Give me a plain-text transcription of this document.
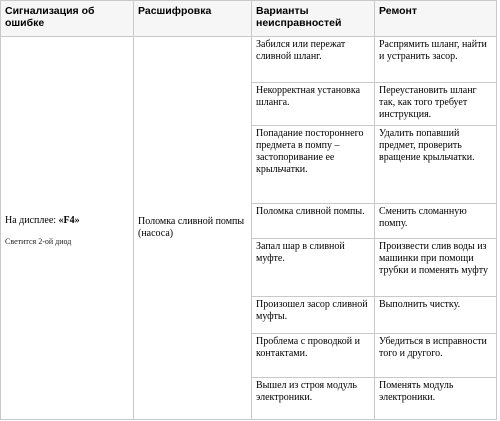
Сигнализация об ошибке	Расшифровка	Варианты неисправностей	Ремонт

На дисплее: «F4»
Светится 2-ой диод	Поломка сливной помпы (насоса)	Забился или пережат сливной шланг.	Распрямить шланг, найти и устранить засор.
		Некорректная установка шланга.	Переустановить шланг так, как того требует инструкция.
		Попадание постороннего предмета в помпу – застопоривание ее крыльчатки.	Удалить попавший предмет, проверить вращение крыльчатки.
		Поломка сливной помпы.	Сменить сломанную помпу.
		Запал шар в сливной муфте.	Произвести слив воды из машинки при помощи трубки и поменять муфту
		Произошел засор сливной муфты.	Выполнить чистку.
		Проблема с проводкой и контактами.	Убедиться в исправности того и другого.
		Вышел из строя модуль электроники.	Поменять модуль электроники.
